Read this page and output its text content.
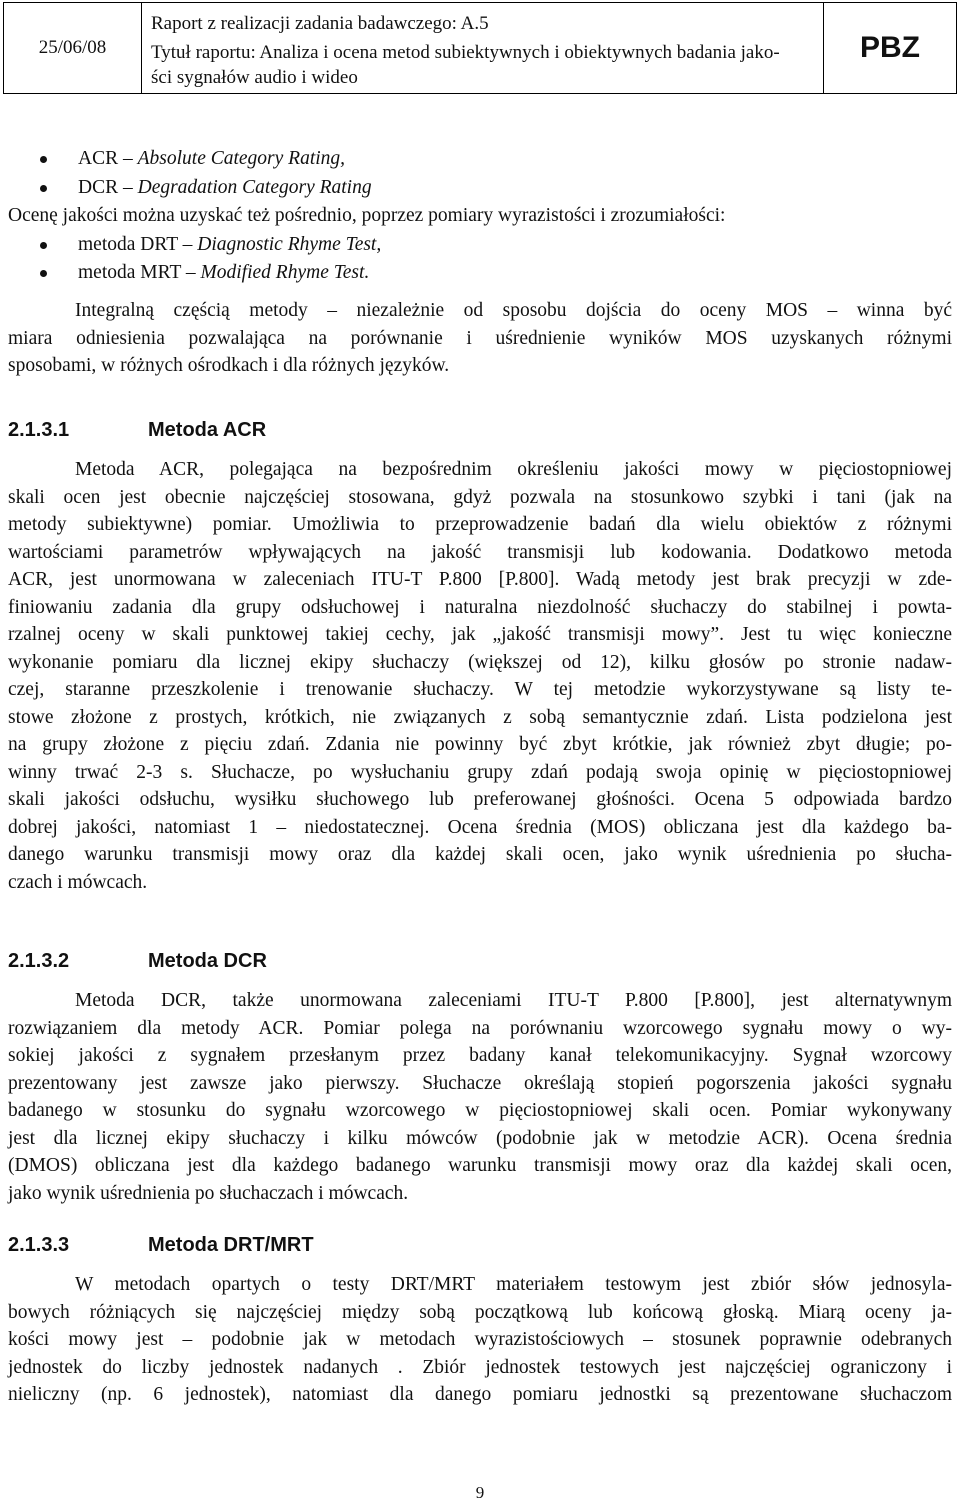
25/06/08
Raport z realizacji zadania badawczego: A.5
Tytuł raportu: Analiza i ocena metod subiektywnych i obiektywnych badania jako-
ści sygnałów audio i wideo
PBZ
ACR – Absolute Category Rating,
DCR – Degradation Category Rating
Ocenę jakości można uzyskać też pośrednio, poprzez pomiary wyrazistości i zrozumiałości:
metoda DRT – Diagnostic Rhyme Test,
metoda MRT – Modified Rhyme Test.
Integralną częścią metody – niezależnie od sposobu dojścia do oceny MOS – winna być
miara odniesienia pozwalająca na porównanie i uśrednienie wyników MOS uzyskanych różnymi
sposobami, w różnych ośrodkach i dla różnych języków.
2.1.3.1	Metoda ACR
Metoda ACR, polegająca na bezpośrednim określeniu jakości mowy w pięciostopniowej
skali ocen jest obecnie najczęściej stosowana, gdyż pozwala na stosunkowo szybki i tani (jak na
metody subiektywne) pomiar. Umożliwia to przeprowadzenie badań dla wielu obiektów z różnymi
wartościami parametrów wpływających na jakość transmisji lub kodowania. Dodatkowo metoda
ACR, jest unormowana w zaleceniach ITU-T P.800 [P.800]. Wadą metody jest brak precyzji w zde-
finiowaniu zadania dla grupy odsłuchowej i naturalna niezdolność słuchaczy do stabilnej i powta-
rzalnej oceny w skali punktowej takiej cechy, jak „jakość transmisji mowy”. Jest tu więc konieczne
wykonanie pomiaru dla licznej ekipy słuchaczy (większej od 12), kilku głosów po stronie nadaw-
czej, staranne przeszkolenie i trenowanie słuchaczy. W tej metodzie wykorzystywane są listy te-
stowe złożone z prostych, krótkich, nie związanych z sobą semantycznie zdań. Lista podzielona jest
na grupy złożone z pięciu zdań. Zdania nie powinny być zbyt krótkie, jak również zbyt długie; po-
winny trwać 2-3 s. Słuchacze, po wysłuchaniu grupy zdań podają swoja opinię w pięciostopniowej
skali jakości odsłuchu, wysiłku słuchowego lub preferowanej głośności. Ocena 5 odpowiada bardzo
dobrej jakości, natomiast 1 – niedostatecznej. Ocena średnia (MOS) obliczana jest dla każdego ba-
danego warunku transmisji mowy oraz dla każdej skali ocen, jako wynik uśrednienia po słucha-
czach i mówcach.
2.1.3.2	Metoda DCR
Metoda DCR, także unormowana zaleceniami ITU-T P.800 [P.800], jest alternatywnym
rozwiązaniem dla metody ACR. Pomiar polega na porównaniu wzorcowego sygnału mowy o wy-
sokiej jakości z sygnałem przesłanym przez badany kanał telekomunikacyjny. Sygnał wzorcowy
prezentowany jest zawsze jako pierwszy. Słuchacze określają stopień pogorszenia jakości sygnału
badanego w stosunku do sygnału wzorcowego w pięciostopniowej skali ocen. Pomiar wykonywany
jest dla licznej ekipy słuchaczy i kilku mówców (podobnie jak w metodzie ACR). Ocena średnia
(DMOS) obliczana jest dla każdego badanego warunku transmisji mowy oraz dla każdej skali ocen,
jako wynik uśrednienia po słuchaczach i mówcach.
2.1.3.3	Metoda DRT/MRT
W metodach opartych o testy DRT/MRT materiałem testowym jest zbiór słów jednosyla-
bowych różniących się najczęściej między sobą początkową lub końcową głoską. Miarą oceny ja-
kości mowy jest – podobnie jak w metodach wyrazistościowych – stosunek poprawnie odebranych
jednostek do liczby jednostek nadanych . Zbiór jednostek testowych jest najczęściej ograniczony i
nieliczny (np. 6 jednostek), natomiast dla danego pomiaru jednostki są prezentowane słuchaczom
9
